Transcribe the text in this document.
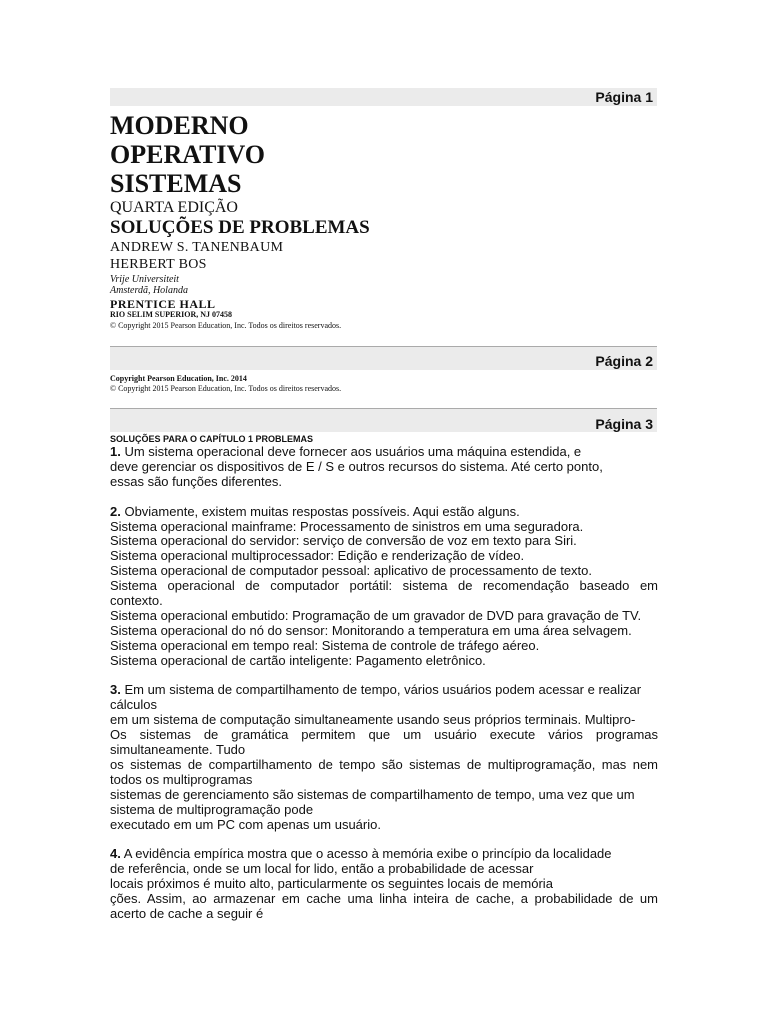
Página 1
MODERNO
OPERATIVO
SISTEMAS
QUARTA EDIÇÃO
SOLUÇÕES DE PROBLEMAS
ANDREW S. TANENBAUM
HERBERT BOS
Vrije Universiteit
Amsterdã, Holanda
PRENTICE HALL
RIO SELIM SUPERIOR, NJ 07458
© Copyright 2015 Pearson Education, Inc. Todos os direitos reservados.
Página 2
Copyright Pearson Education, Inc. 2014
© Copyright 2015 Pearson Education, Inc. Todos os direitos reservados.
Página 3
SOLUÇÕES PARA O CAPÍTULO 1 PROBLEMAS

1. Um sistema operacional deve fornecer aos usuários uma máquina estendida, e

deve gerenciar os dispositivos de E / S e outros recursos do sistema. Até certo ponto,

essas são funções diferentes.

2. Obviamente, existem muitas respostas possíveis. Aqui estão alguns.

Sistema operacional mainframe: Processamento de sinistros em uma seguradora.

Sistema operacional do servidor: serviço de conversão de voz em texto para Siri.

Sistema operacional multiprocessador: Edição e renderização de vídeo.

Sistema operacional de computador pessoal: aplicativo de processamento de texto.

Sistema operacional de computador portátil: sistema de recomendação baseado em

contexto.

Sistema operacional embutido: Programação de um gravador de DVD para gravação de TV.

Sistema operacional do nó do sensor: Monitorando a temperatura em uma área selvagem.

Sistema operacional em tempo real: Sistema de controle de tráfego aéreo.

Sistema operacional de cartão inteligente: Pagamento eletrônico.

3. Em um sistema de compartilhamento de tempo, vários usuários podem acessar e realizar

cálculos

em um sistema de computação simultaneamente usando seus próprios terminais. Multipro-

Os sistemas de gramática permitem que um usuário execute vários programas

simultaneamente. Tudo

os sistemas de compartilhamento de tempo são sistemas de multiprogramação, mas nem

todos os multiprogramas

sistemas de gerenciamento são sistemas de compartilhamento de tempo, uma vez que um

sistema de multiprogramação pode

executado em um PC com apenas um usuário.

4. A evidência empírica mostra que o acesso à memória exibe o princípio da localidade

de referência, onde se um local for lido, então a probabilidade de acessar

locais próximos é muito alto, particularmente os seguintes locais de memória

ções. Assim, ao armazenar em cache uma linha inteira de cache, a probabilidade de um

acerto de cache a seguir é
